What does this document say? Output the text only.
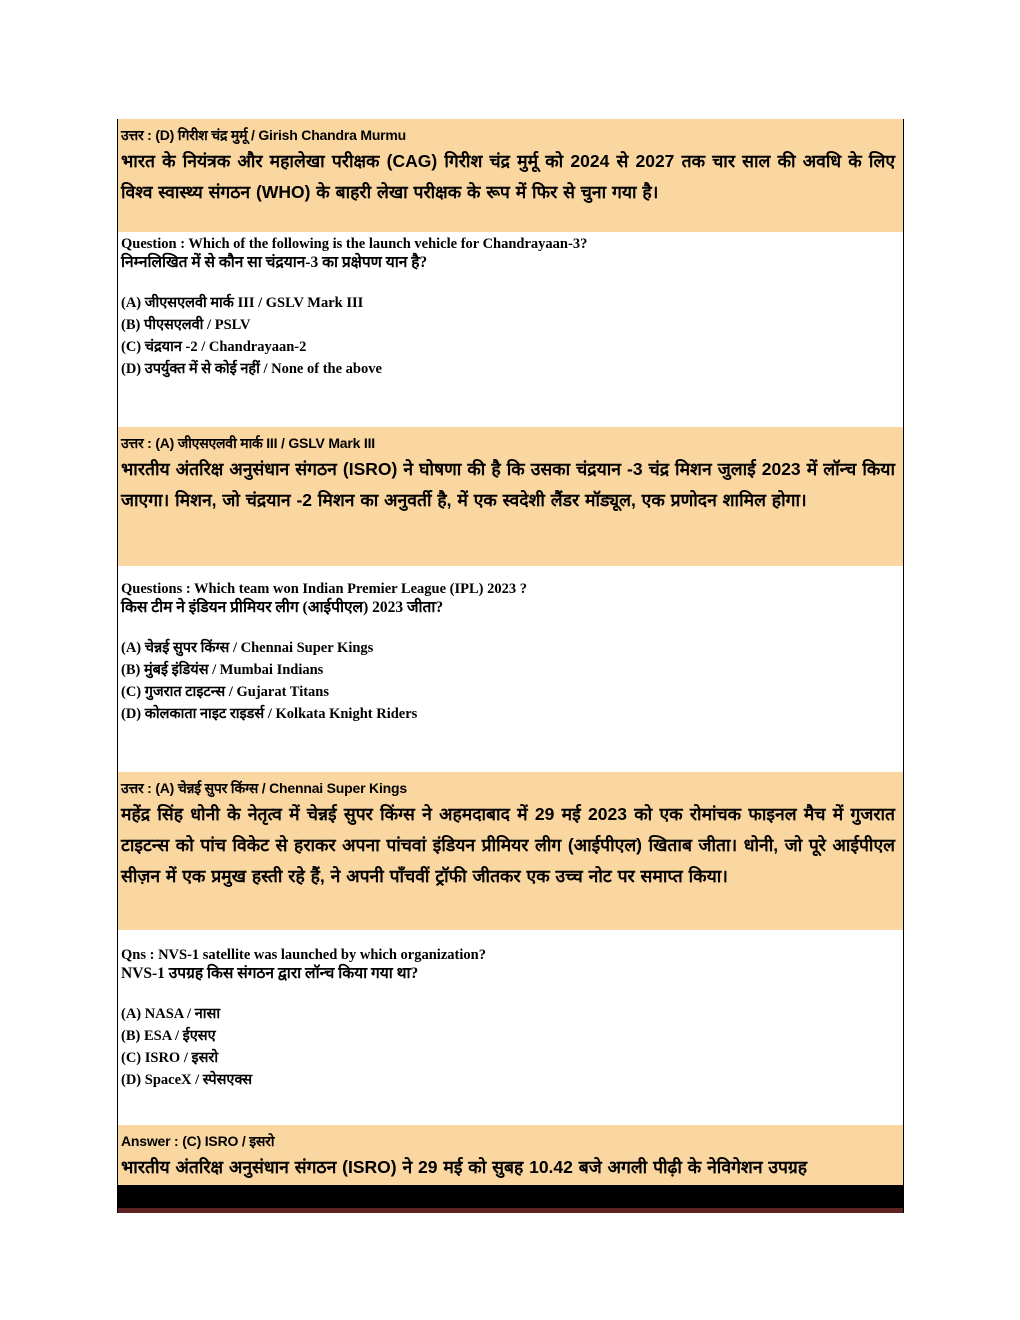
उत्तर : (D) गिरीश चंद्र मुर्मू / Girish Chandra Murmu
भारत के नियंत्रक और महालेखा परीक्षक (CAG) गिरीश चंद्र मुर्मू को 2024 से 2027 तक चार साल की अवधि के लिए विश्व स्वास्थ्य संगठन (WHO) के बाहरी लेखा परीक्षक के रूप में फिर से चुना गया है।
Question : Which of the following is the launch vehicle for Chandrayaan-3?
निम्नलिखित में से कौन सा चंद्रयान-3 का प्रक्षेपण यान है?
(A) जीएसएलवी मार्क III / GSLV Mark III
(B) पीएसएलवी / PSLV
(C) चंद्रयान -2 / Chandrayaan-2
(D) उपर्युक्त में से कोई नहीं / None of the above
उत्तर : (A) जीएसएलवी मार्क III / GSLV Mark III
भारतीय अंतरिक्ष अनुसंधान संगठन (ISRO) ने घोषणा की है कि उसका चंद्रयान -3 चंद्र मिशन जुलाई 2023 में लॉन्च किया जाएगा। मिशन, जो चंद्रयान -2 मिशन का अनुवर्ती है, में एक स्वदेशी लैंडर मॉड्यूल, एक प्रणोदन शामिल होगा।
Questions : Which team won Indian Premier League (IPL) 2023 ?
किस टीम ने इंडियन प्रीमियर लीग (आईपीएल) 2023 जीता?
(A) चेन्नई सुपर किंग्स / Chennai Super Kings
(B) मुंबई इंडियंस / Mumbai Indians
(C) गुजरात टाइटन्स / Gujarat Titans
(D) कोलकाता नाइट राइडर्स / Kolkata Knight Riders
उत्तर : (A) चेन्नई सुपर किंग्स / Chennai Super Kings
महेंद्र सिंह धोनी के नेतृत्व में चेन्नई सुपर किंग्स ने अहमदाबाद में 29 मई 2023 को एक रोमांचक फाइनल मैच में गुजरात टाइटन्स को पांच विकेट से हराकर अपना पांचवां इंडियन प्रीमियर लीग (आईपीएल) खिताब जीता। धोनी, जो पूरे आईपीएल सीज़न में एक प्रमुख हस्ती रहे हैं, ने अपनी पाँचवीं ट्रॉफी जीतकर एक उच्च नोट पर समाप्त किया।
Qns : NVS-1 satellite was launched by which organization?
NVS-1 उपग्रह किस संगठन द्वारा लॉन्च किया गया था?
(A) NASA / नासा
(B) ESA / ईएसए
(C) ISRO / इसरो
(D) SpaceX / स्पेसएक्स
Answer : (C) ISRO / इसरो
भारतीय अंतरिक्ष अनुसंधान संगठन (ISRO) ने 29 मई को सुबह 10.42 बजे अगली पीढ़ी के नेविगेशन उपग्रह
